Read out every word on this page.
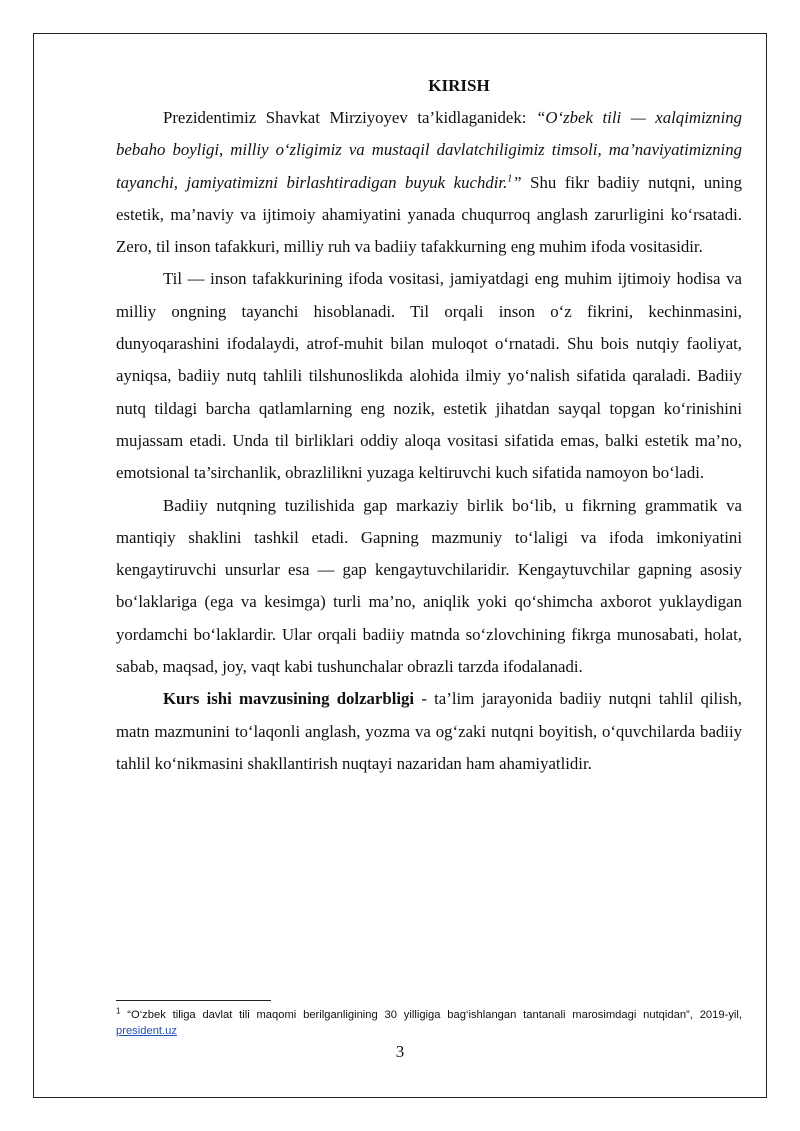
KIRISH

Prezidentimiz Shavkat Mirziyoyev ta’kidlaganidek: “O‘zbek tili — xalqimizning bebaho boyligi, milliy o‘zligimiz va mustaqil davlatchiligimiz timsoli, ma’naviyatimizning tayanchi, jamiyatimizni birlashtiradigan buyuk kuchdir.$^1$” Shu fikr badiiy nutqni, uning estetik, ma’naviy va ijtimoiy ahamiyatini yanada chuqurroq anglash zarurligini ko‘rsatadi. Zero, til inson tafakkuri, milliy ruh va badiiy tafakkurning eng muhim ifoda vositasidir.

Til — inson tafakkurining ifoda vositasi, jamiyatdagi eng muhim ijtimoiy hodisa va milliy ongning tayanchi hisoblanadi. Til orqali inson o‘z fikrini, kechinmasini, dunyoqarashini ifodalaydi, atrof-muhit bilan muloqot o‘rnatadi. Shu bois nutqiy faoliyat, ayniqsa, badiiy nutq tahlili tilshunoslikda alohida ilmiy yo‘nalish sifatida qaraladi. Badiiy nutq tildagi barcha qatlamlarning eng nozik, estetik jihatdan sayqal topgan ko‘rinishini mujassam etadi. Unda til birliklari oddiy aloqa vositasi sifatida emas, balki estetik ma’no, emotsional ta’sirchanlik, obrazlilikni yuzaga keltiruvchi kuch sifatida namoyon bo‘ladi.

Badiiy nutqning tuzilishida gap markaziy birlik bo‘lib, u fikrning grammatik va mantiqiy shaklini tashkil etadi. Gapning mazmuniy to‘laligi va ifoda imkoniyatini kengaytiruvchi unsurlar esa — gap kengaytuvchilaridir. Kengaytuvchilar gapning asosiy bo‘laklariga (ega va kesimga) turli ma’no, aniqlik yoki qo‘shimcha axborot yuklaydigan yordamchi bo‘laklardir. Ular orqali badiiy matnda so‘zlovchining fikrga munosabati, holat, sabab, maqsad, joy, vaqt kabi tushunchalar obrazli tarzda ifodalanadi.

Kurs ishi mavzusining dolzarbligi - ta’lim jarayonida badiiy nutqni tahlil qilish, matn mazmunini to‘laqonli anglash, yozma va og‘zaki nutqni boyitish, o‘quvchilarda badiiy tahlil ko‘nikmasini shakllantirish nuqtayi nazaridan ham ahamiyatlidir.

$^1$ “O‘zbek tiliga davlat tili maqomi berilganligining 30 yilligiga bag‘ishlangan tantanali marosimdagi nutqidan”, 2019-yil, president.uz
3
